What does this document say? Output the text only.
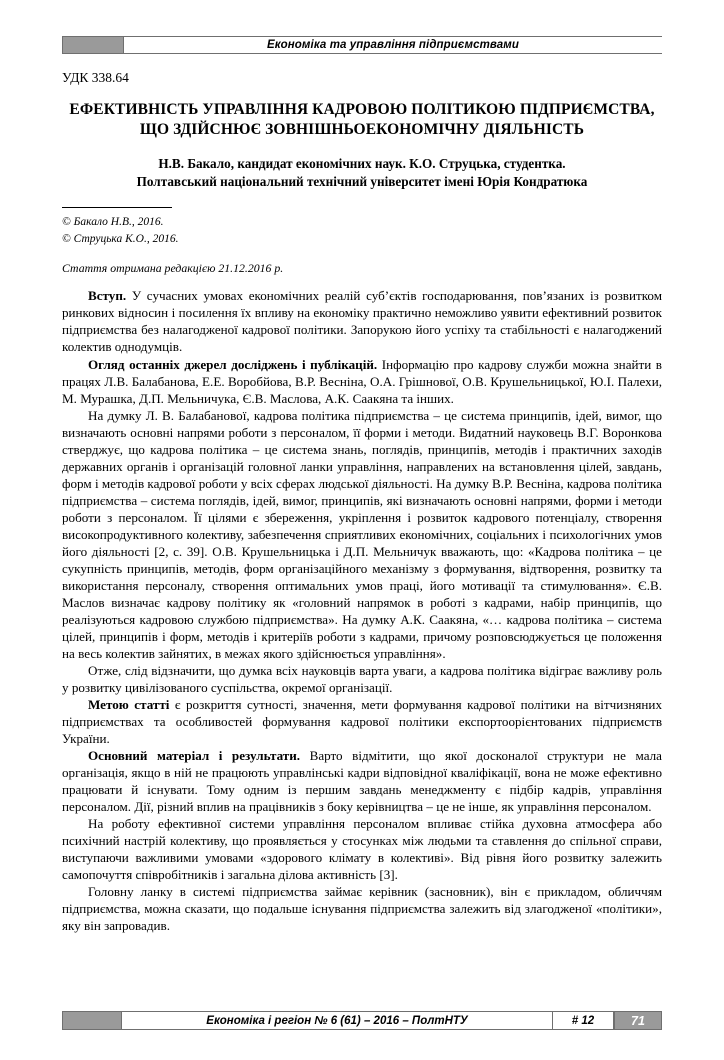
Економіка та управління підприємствами
УДК 338.64
ЕФЕКТИВНІСТЬ УПРАВЛІННЯ КАДРОВОЮ ПОЛІТИКОЮ ПІДПРИЄМСТВА, ЩО ЗДІЙСНЮЄ ЗОВНІШНЬОЕКОНОМІЧНУ ДІЯЛЬНІСТЬ
Н.В. Бакало, кандидат економічних наук. К.О. Струцька, студентка.
Полтавський національний технічний університет імені Юрія Кондратюка
© Бакало Н.В., 2016.
© Струцька К.О., 2016.
Стаття отримана редакцією 21.12.2016 р.

Вступ. У сучасних умовах економічних реалій суб’єктів господарювання, пов’язаних із розвитком ринкових відносин і посилення їх впливу на економіку практично неможливо уявити ефективний розвиток підприємства без налагодженої кадрової політики. Запорукою його успіху та стабільності є налагоджений колектив однодумців.

Огляд останніх джерел досліджень і публікацій. Інформацію про кадрову служби можна знайти в працях Л.В. Балабанова, Е.Е. Воробйова, В.Р. Весніна, О.А. Грішнової, О.В. Крушельницької, Ю.І. Палехи, М. Мурашка, Д.П. Мельничука, Є.В. Маслова, А.К. Саакяна та інших.

На думку Л. В. Балабанової, кадрова політика підприємства – це система принципів, ідей, вимог, що визначають основні напрями роботи з персоналом, її форми і методи. Видатний науковець В.Г. Воронкова стверджує, що кадрова політика – це система знань, поглядів, принципів, методів і практичних заходів державних органів і організацій головної ланки управління, направлених на встановлення цілей, завдань, форм і методів кадрової роботи у всіх сферах людської діяльності. На думку В.Р. Весніна, кадрова політика підприємства – система поглядів, ідей, вимог, принципів, які визначають основні напрями, форми і методи роботи з персоналом. Її цілями є збереження, укріплення і розвиток кадрового потенціалу, створення високопродуктивного колективу, забезпечення сприятливих економічних, соціальних і психологічних умов його діяльності [2, с. 39]. О.В. Крушельницька і Д.П. Мельничук вважають, що: «Кадрова політика – це сукупність принципів, методів, форм організаційного механізму з формування, відтворення, розвитку та використання персоналу, створення оптимальних умов праці, його мотивації та стимулювання». Є.В. Маслов визначає кадрову політику як «головний напрямок в роботі з кадрами, набір принципів, що реалізуються кадровою службою підприємства». На думку А.К. Саакяна, «… кадрова політика – система цілей, принципів і форм, методів і критеріїв роботи з кадрами, причому розповсюджується це положення на весь колектив зайнятих, в межах якого здійснюється управління».

Отже, слід відзначити, що думка всіх науковців варта уваги, а кадрова політика відіграє важливу роль у розвитку цивілізованого суспільства, окремої організації.

Метою статті є розкриття сутності, значення, мети формування кадрової політики на вітчизняних підприємствах та особливостей формування кадрової політики експортоорієнтованих підприємств України.

Основний матеріал і результати. Варто відмітити, що якої досконалої структури не мала організація, якщо в ній не працюють управлінські кадри відповідної кваліфікації, вона не може ефективно працювати й існувати. Тому одним із першим завдань менеджменту є підбір кадрів, управління персоналом. Дії, різний вплив на працівників з боку керівництва – це не інше, як управління персоналом.

На роботу ефективної системи управління персоналом впливає стійка духовна атмосфера або психічний настрій колективу, що проявляється у стосунках між людьми та ставлення до спільної справи, виступаючи важливими умовами «здорового клімату в колективі». Від рівня його розвитку залежить самопочуття співробітників і загальна ділова активність [3].

Головну ланку в системі підприємства займає керівник (засновник), він є прикладом, обличчям підприємства, можна сказати, що подальше існування підприємства залежить від злагодженої «політики», яку він запровадив.

Економіка і регіон № 6 (61) – 2016 – ПолтНТУ	# 12	71
